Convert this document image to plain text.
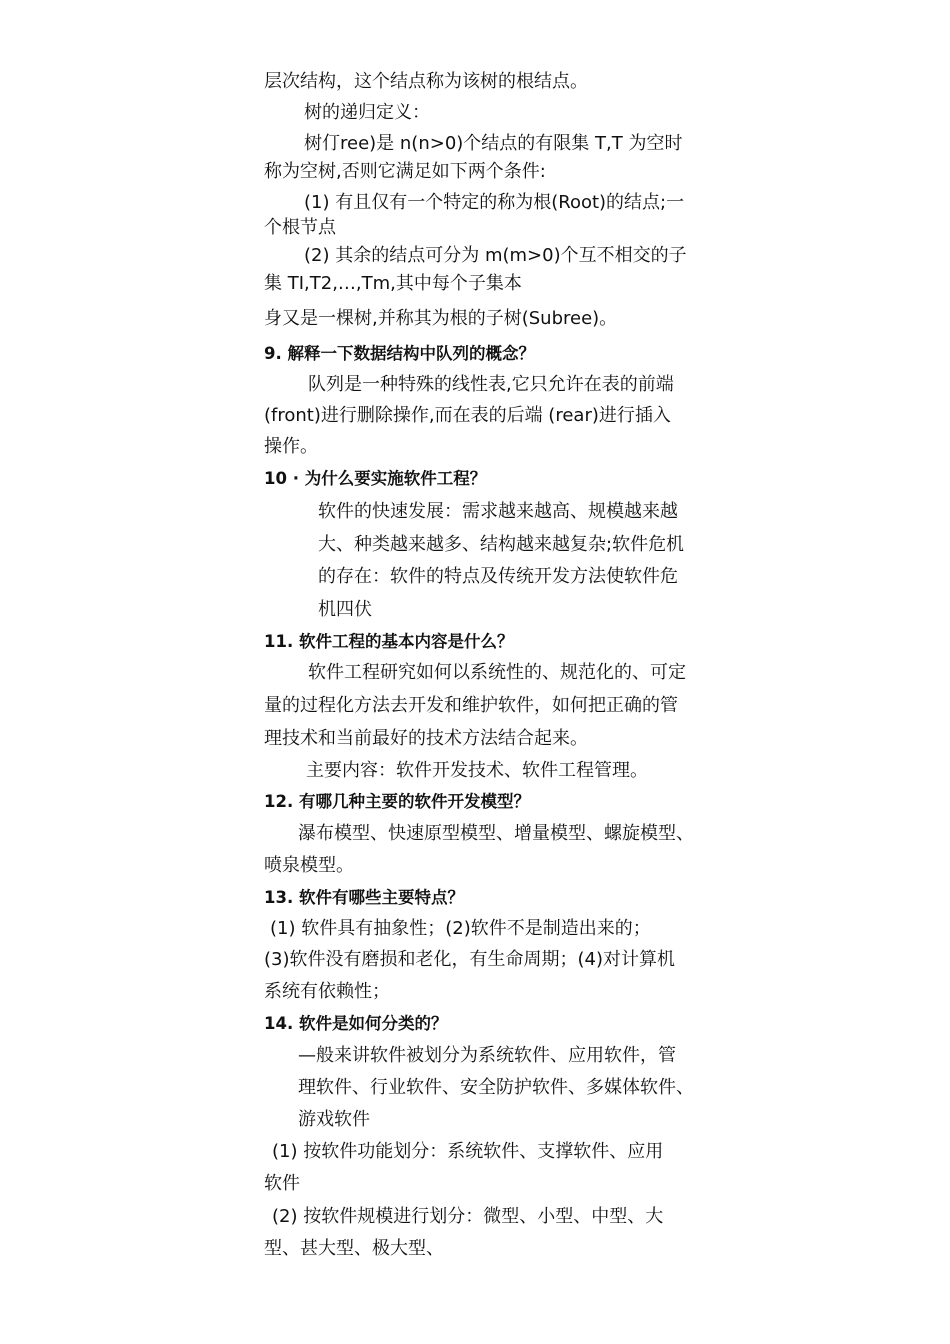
层次结构，这个结点称为该树的根结点。
树的递归定义：
树仃ree)是 n(n>0)个结点的有限集 T,T 为空时
称为空树,否则它满足如下两个条件:
(1) 有且仅有一个特定的称为根(Root)的结点;一
个根节点
(2) 其余的结点可分为 m(m>0)个互不相交的子
集 TI,T2,…,Tm,其中每个子集本
身又是一棵树,并称其为根的子树(Subree)。
9. 解释一下数据结构中队列的概念？
队列是一种特殊的线性表,它只允许在表的前端
(front)进行删除操作,而在表的后端 (rear)进行插入
操作。
10 · 为什么要实施软件工程？
软件的快速发展：需求越来越高、规模越来越
大、种类越来越多、结构越来越复杂;软件危机
的存在：软件的特点及传统开发方法使软件危
机四伏
11. 软件工程的基本内容是什么？
软件工程研究如何以系统性的、规范化的、可定
量的过程化方法去开发和维护软件，如何把正确的管
理技术和当前最好的技术方法结合起来。
主要内容：软件开发技术、软件工程管理。
12. 有哪几种主要的软件开发模型？
瀑布模型、快速原型模型、增量模型、螺旋模型、
喷泉模型。
13. 软件有哪些主要特点？
(1) 软件具有抽象性；(2)软件不是制造出来的；
(3)软件没有磨损和老化，有生命周期；(4)对计算机
系统有依赖性；
14. 软件是如何分类的？
—般来讲软件被划分为系统软件、应用软件，管
理软件、行业软件、安全防护软件、多媒体软件、
游戏软件
(1) 按软件功能划分：系统软件、支撑软件、应用
软件
(2) 按软件规模进行划分：微型、小型、中型、大
型、甚大型、极大型、
